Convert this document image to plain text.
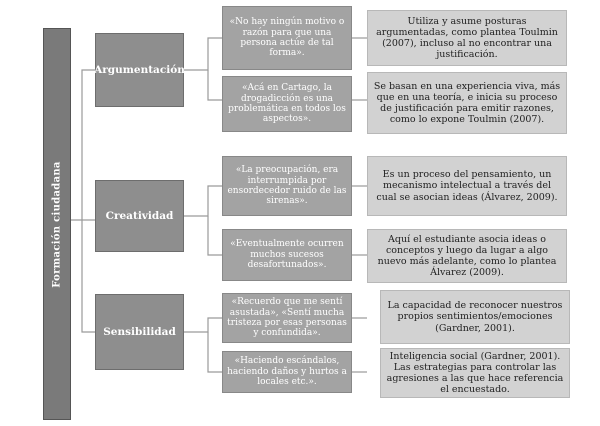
Formación ciudadana
Argumentación
Creatividad
Sensibilidad
«No hay ningún motivo o razón para que una persona actúe de tal forma».
«Acá en Cartago, la drogadicción es una problemática en todos los aspectos».
«La preocupación, era interrumpida por ensordecedor ruido de las sirenas».
«Eventualmente ocurren muchos sucesos desafortunados».
«Recuerdo que me sentí asustada», «Sentí mucha tristeza por esas personas y confundida».
«Haciendo escándalos, haciendo daños y hurtos a locales etc.».
Utiliza y asume posturas argumentadas, como plantea Toulmin (2007), incluso al no encontrar una justificación.
Se basan en una experiencia viva, más que en una teoría, e inicia su proceso de justificación para emitir razones, como lo expone Toulmin (2007).
Es un proceso del pensamiento, un mecanismo intelectual a través del cual se asocian ideas (Álvarez, 2009).
Aquí el estudiante asocia ideas o conceptos y luego da lugar a algo nuevo más adelante, como lo plantea Álvarez (2009).
La capacidad de reconocer nuestros propios sentimientos/emociones (Gardner, 2001).
Inteligencia social (Gardner, 2001). Las estrategias para controlar las agresiones a las que hace referencia el encuestado.
